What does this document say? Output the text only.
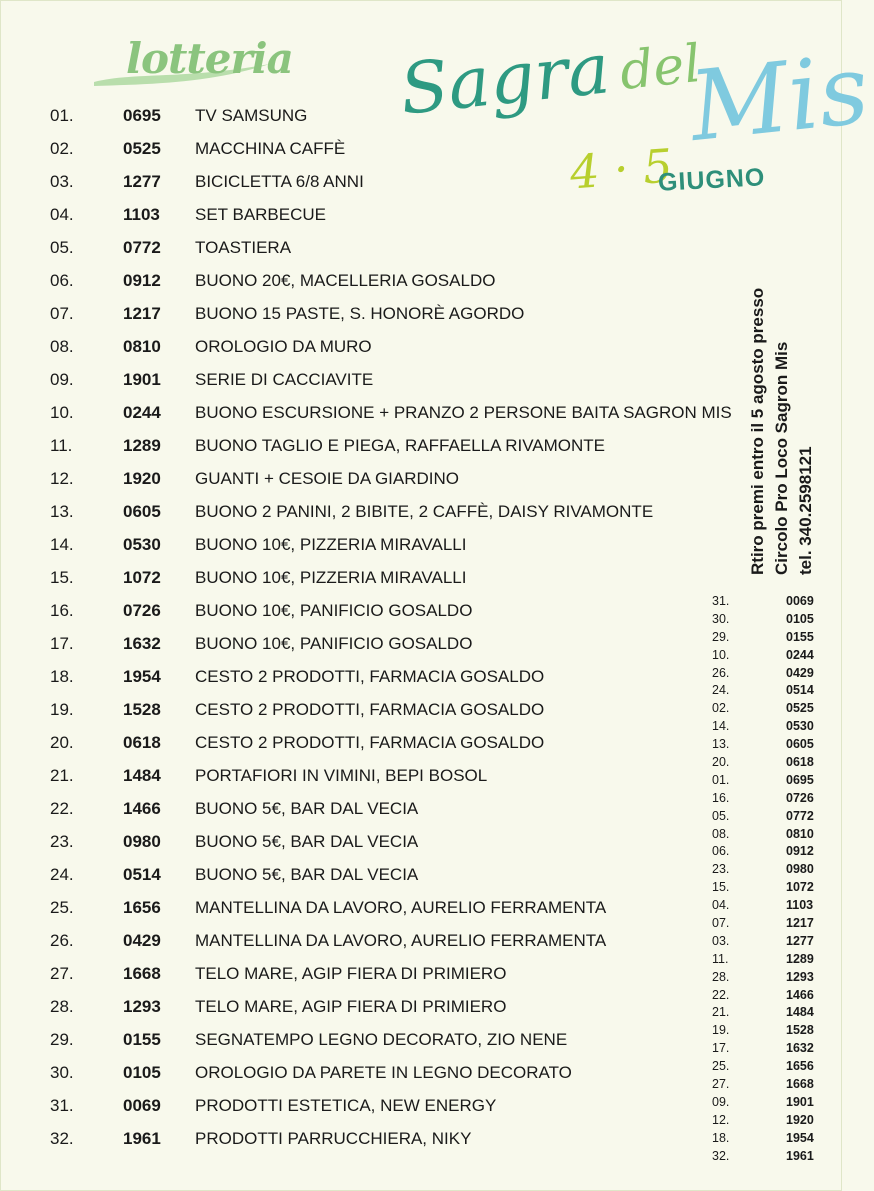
lotteria Sagra del
Mis
4 · 5
GIUGNO
01.	0695 TV SAMSUNG
02.	0525 MACCHINA CAFFÈ
03.	1277 BICICLETTA 6/8 ANNI
04.	1103 SET BARBECUE
05.	0772 TOASTIERA
06.	0912 BUONO 20€, MACELLERIA GOSALDO
07.	1217 BUONO 15 PASTE, S. HONORÈ AGORDO
08.	0810 OROLOGIO DA MURO
09.	1901 SERIE DI CACCIAVITE
10.	0244 BUONO ESCURSIONE + PRANZO 2 PERSONE BAITA SAGRON MIS
11.	1289 BUONO TAGLIO E PIEGA, RAFFAELLA RIVAMONTE
12.	1920 GUANTI + CESOIE DA GIARDINO
13.	0605 BUONO 2 PANINI, 2 BIBITE, 2 CAFFÈ, DAISY RIVAMONTE
14.	0530 BUONO 10€, PIZZERIA MIRAVALLI
15.	1072 BUONO 10€, PIZZERIA MIRAVALLI
16.	0726 BUONO 10€, PANIFICIO GOSALDO
17.	1632 BUONO 10€, PANIFICIO GOSALDO
18.	1954 CESTO 2 PRODOTTI, FARMACIA GOSALDO
19.	1528 CESTO 2 PRODOTTI, FARMACIA GOSALDO
20.	0618 CESTO 2 PRODOTTI, FARMACIA GOSALDO
21.	1484 PORTAFIORI IN VIMINI, BEPI BOSOL
22.	1466 BUONO 5€, BAR DAL VECIA
23.	0980 BUONO 5€, BAR DAL VECIA
24.	0514 BUONO 5€, BAR DAL VECIA
25.	1656 MANTELLINA DA LAVORO, AURELIO FERRAMENTA
26.	0429 MANTELLINA DA LAVORO, AURELIO FERRAMENTA
27.	1668 TELO MARE, AGIP FIERA DI PRIMIERO
28.	1293 TELO MARE, AGIP FIERA DI PRIMIERO
29.	0155 SEGNATEMPO LEGNO DECORATO, ZIO NENE
30.	0105 OROLOGIO DA PARETE IN LEGNO DECORATO
31.	0069 PRODOTTI ESTETICA, NEW ENERGY
32.	1961 PRODOTTI PARRUCCHIERA, NIKY
Rtiro premi entro il 5 agosto presso Circolo Pro Loco Sagron Mis tel. 340.2598121
31.	0069
30.	0105
29.	0155
10.	0244
26.	0429
24.	0514
02.	0525
14.	0530
13.	0605
20.	0618
01.	0695
16.	0726
05.	0772
08.	0810
06.	0912
23.	0980
15.	1072
04.	1103
07.	1217
03.	1277
11.	1289
28.	1293
22.	1466
21.	1484
19.	1528
17.	1632
25.	1656
27.	1668
09.	1901
12.	1920
18.	1954
32.	1961
